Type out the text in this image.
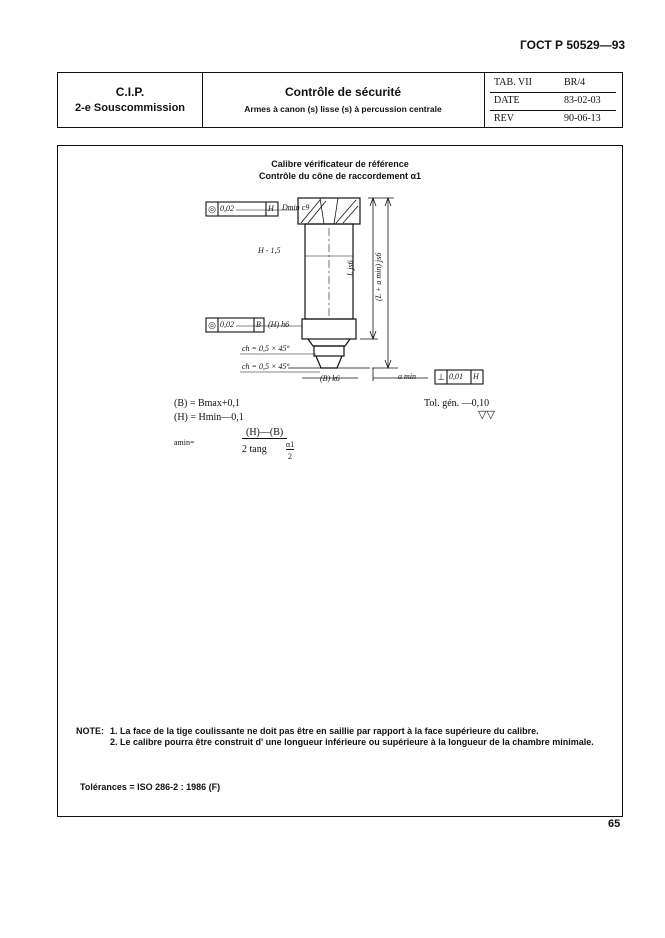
ГОСТ Р 50529—93
C.I.P.
2-e Souscommission
Contrôle de sécurité
Armes à canon (s) lisse (s) à percussion centrale
TAB. VII	BR/4
DATE	83-02-03
REV	90-06-13
Calibre vérificateur de référence
Contrôle du cône de raccordement α1
◎ 0,02	H Dmin c9
H - 1,5
◎ 0,02	B (H) h6
ch = 0,5 × 45°
ch = 0,5 × 45°
(B) k6	a min ⊥ 0,01 H
L js6 (L + a min) js6
(B) = Bmax+0,1
(H) = Hmin—0,1
amin=
(H)—(B)
2 tang α1
2
Tol. gén. —0,10
▽▽
NOTE: 1. La face de la tige coulissante ne doit pas être en saillie par rapport à la face supérieure du calibre.
2. Le calibre pourra être construit d' une longueur inférieure ou supérieure à la longueur de la chambre minimale.
Tolérances = ISO 286-2 : 1986 (F)
65
